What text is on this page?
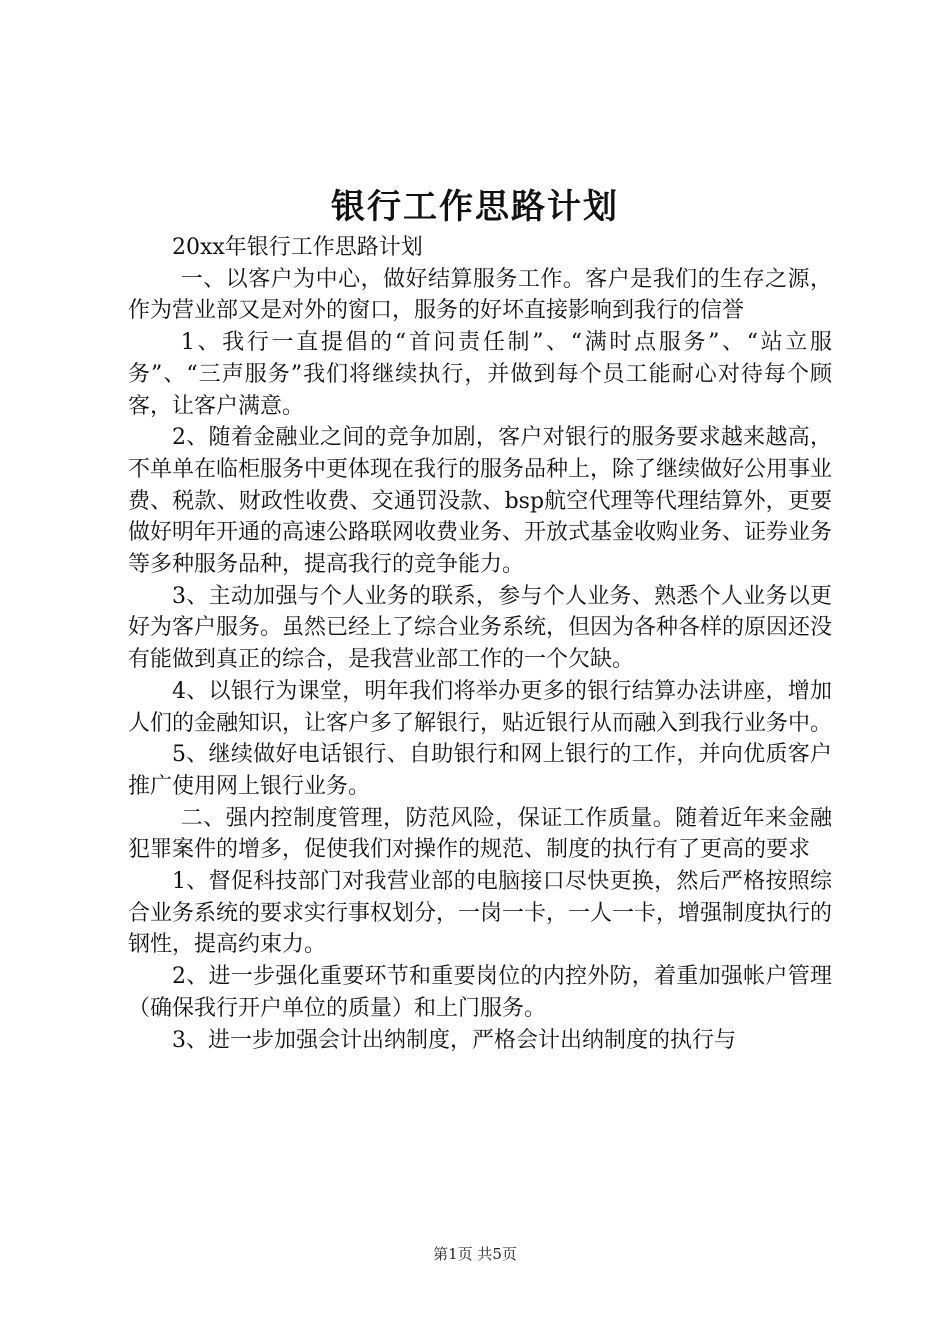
银行工作思路计划

20xx年银行工作思路计划

一、以客户为中心，做好结算服务工作。客户是我们的生存之源，作为营业部又是对外的窗口，服务的好坏直接影响到我行的信誉

1、我行一直提倡的“首问责任制”、“满时点服务”、“站立服务”、“三声服务”我们将继续执行，并做到每个员工能耐心对待每个顾客，让客户满意。

2、随着金融业之间的竞争加剧，客户对银行的服务要求越来越高，不单单在临柜服务中更体现在我行的服务品种上，除了继续做好公用事业费、税款、财政性收费、交通罚没款、bsp航空代理等代理结算外，更要做好明年开通的高速公路联网收费业务、开放式基金收购业务、证券业务等多种服务品种，提高我行的竞争能力。

3、主动加强与个人业务的联系，参与个人业务、熟悉个人业务以更好为客户服务。虽然已经上了综合业务系统，但因为各种各样的原因还没有能做到真正的综合，是我营业部工作的一个欠缺。

4、以银行为课堂，明年我们将举办更多的银行结算办法讲座，增加人们的金融知识，让客户多了解银行，贴近银行从而融入到我行业务中。

5、继续做好电话银行、自助银行和网上银行的工作，并向优质客户推广使用网上银行业务。

二、强内控制度管理，防范风险，保证工作质量。随着近年来金融犯罪案件的增多，促使我们对操作的规范、制度的执行有了更高的要求

1、督促科技部门对我营业部的电脑接口尽快更换，然后严格按照综合业务系统的要求实行事权划分，一岗一卡，一人一卡，增强制度执行的钢性，提高约束力。

2、进一步强化重要环节和重要岗位的内控外防，着重加强帐户管理（确保我行开户单位的质量）和上门服务。

3、进一步加强会计出纳制度，严格会计出纳制度的执行与

第1页 共5页
